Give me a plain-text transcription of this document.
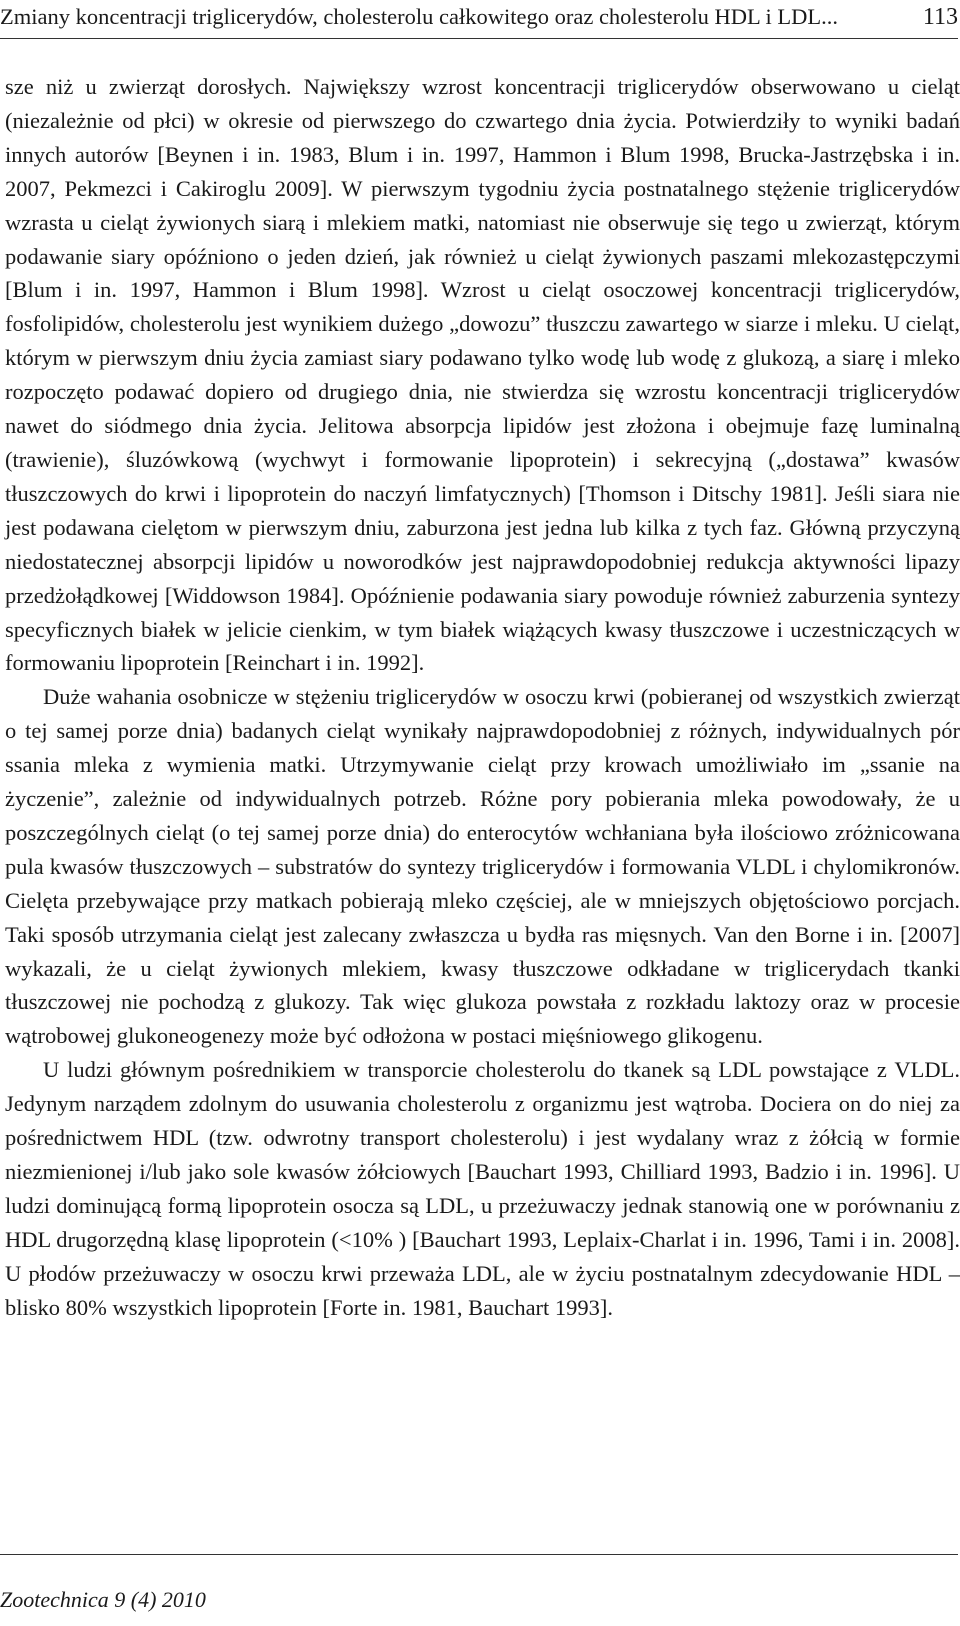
Zmiany koncentracji triglicerydów, cholesterolu całkowitego oraz cholesterolu HDL i LDL...	113

sze niż u zwierząt dorosłych. Największy wzrost koncentracji triglicerydów obserwowano u cieląt (niezależnie od płci) w okresie od pierwszego do czwartego dnia życia. Potwierdziły to wyniki badań innych autorów [Beynen i in. 1983, Blum i in. 1997, Hammon i Blum 1998, Brucka-Jastrzębska i in. 2007, Pekmezci i Cakiroglu 2009]. W pierwszym tygodniu życia postnatalnego stężenie triglicerydów wzrasta u cieląt żywionych siarą i mlekiem matki, natomiast nie obserwuje się tego u zwierząt, którym podawanie siary opóźniono o jeden dzień, jak również u cieląt żywionych paszami mlekozastępczymi [Blum i in. 1997, Hammon i Blum 1998]. Wzrost u cieląt osoczowej koncentracji triglicerydów, fosfolipidów, cholesterolu jest wynikiem dużego „dowozu” tłuszczu zawartego w siarze i mleku. U cieląt, którym w pierwszym dniu życia zamiast siary podawano tylko wodę lub wodę z glukozą, a siarę i mleko rozpoczęto podawać dopiero od drugiego dnia, nie stwierdza się wzrostu koncentracji triglicerydów nawet do siódmego dnia życia. Jelitowa absorpcja lipidów jest złożona i obejmuje fazę luminalną (trawienie), śluzówkową (wychwyt i formowanie lipoprotein) i sekrecyjną („dostawa” kwasów tłuszczowych do krwi i lipoprotein do naczyń limfatycznych) [Thomson i Ditschy 1981]. Jeśli siara nie jest podawana cielętom w pierwszym dniu, zaburzona jest jedna lub kilka z tych faz. Główną przyczyną niedostatecznej absorpcji lipidów u noworodków jest najprawdopodobniej redukcja aktywności lipazy przedżołądkowej [Widdowson 1984]. Opóźnienie podawania siary powoduje również zaburzenia syntezy specyficznych białek w jelicie cienkim, w tym białek wiążących kwasy tłuszczowe i uczestniczących w formowaniu lipoprotein [Reinchart i in. 1992].

Duże wahania osobnicze w stężeniu triglicerydów w osoczu krwi (pobieranej od wszystkich zwierząt o tej samej porze dnia) badanych cieląt wynikały najprawdopodobniej z różnych, indywidualnych pór ssania mleka z wymienia matki. Utrzymywanie cieląt przy krowach umożliwiało im „ssanie na życzenie”, zależnie od indywidualnych potrzeb. Różne pory pobierania mleka powodowały, że u poszczególnych cieląt (o tej samej porze dnia) do enterocytów wchłaniana była ilościowo zróżnicowana pula kwasów tłuszczowych – substratów do syntezy triglicerydów i formowania VLDL i chylomikronów. Cielęta przebywające przy matkach pobierają mleko częściej, ale w mniejszych objętościowo porcjach. Taki sposób utrzymania cieląt jest zalecany zwłaszcza u bydła ras mięsnych. Van den Borne i in. [2007] wykazali, że u cieląt żywionych mlekiem, kwasy tłuszczowe odkładane w triglicerydach tkanki tłuszczowej nie pochodzą z glukozy. Tak więc glukoza powstała z rozkładu laktozy oraz w procesie wątrobowej glukoneogenezy może być odłożona w postaci mięśniowego glikogenu.

U ludzi głównym pośrednikiem w transporcie cholesterolu do tkanek są LDL powstające z VLDL. Jedynym narządem zdolnym do usuwania cholesterolu z organizmu jest wątroba. Dociera on do niej za pośrednictwem HDL (tzw. odwrotny transport cholesterolu) i jest wydalany wraz z żółcią w formie niezmienionej i/lub jako sole kwasów żółciowych [Bauchart 1993, Chilliard 1993, Badzio i in. 1996]. U ludzi dominującą formą lipoprotein osocza są LDL, u przeżuwaczy jednak stanowią one w porównaniu z HDL drugorzędną klasę lipoprotein (<10% ) [Bauchart 1993, Leplaix-Charlat i in. 1996, Tami i in. 2008]. U płodów przeżuwaczy w osoczu krwi przeważa LDL, ale w życiu postnatalnym zdecydowanie HDL – blisko 80% wszystkich lipoprotein [Forte in. 1981, Bauchart 1993].

Zootechnica 9 (4) 2010
